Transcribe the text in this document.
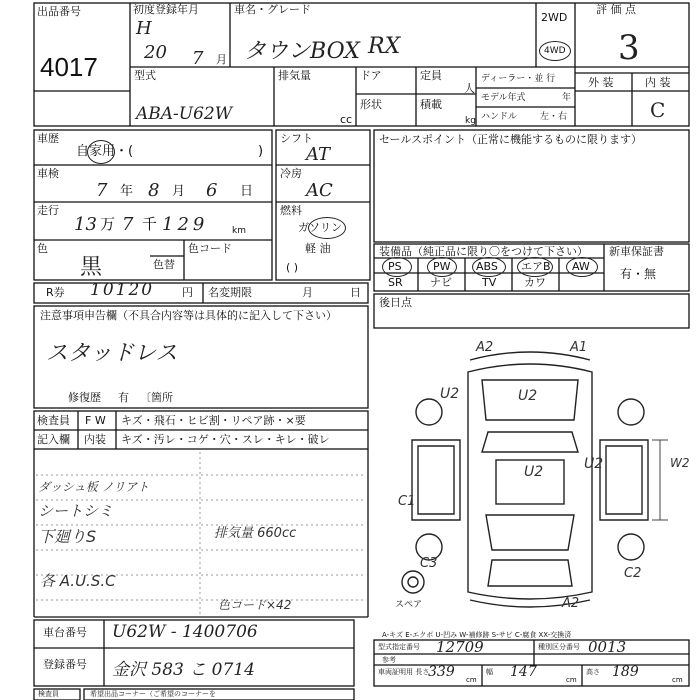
出品番号
4017
初度登録年月
H
20 7 月
車名・グレード
タウンBOX RX
2WD
4WD
評 価 点
3
外 装	内 装
C
型式
ABA-U62W
排気量
cc
ドア	定員
人
形状	積載
kg
ディーラー・並 行
モデル年式	年
ハンドル	左・右
車歴
自家用・(	)
車検
7 年 8 月 6 日
走行
13 万 7 千 129	km
色
黒	色替
色コード
シフト
AT
冷房
AC
燃料
ガソリン
軽 油
( )
セールスポイント（正常に機能するものに限ります）
装備品（純正品に限り〇をつけて下さい） 新車保証書
有・無
PS	PW ABS エアB AW
SR ナビ	TV	カワ
後日点
R券 10120	円 名変期限	月	日
注意事項申告欄（不具合内容等は具体的に記入して下さい）
スタッドレス
修復歴 有 〔箇所
検査員 F W キズ・飛石・ヒビ割・リペア跡・×要
記入欄 内装 キズ・汚レ・コゲ・穴・スレ・キレ・破レ
ダッシュ板 ノリアト
シートシミ
下廻りS
各 A.U.S.C
排気量 660cc
色コード×42
A2	A1
U2	U2
U2	U2	W2
C1
C3
C2
A2
スペア
車台番号 U62W - 1400706
登録番号 金沢 583 こ 0714
A-キズ E-エクボ U-凹み W-補修跡 S-サビ C-腐食 XX-交換済
型式指定番号 12709	種別区分番号 0013
参考
車両証明用 長さ
339 cm
幅 147	cm
高さ 189	cm
検査員	希望出品コーナー（ご希望のコーナーを
